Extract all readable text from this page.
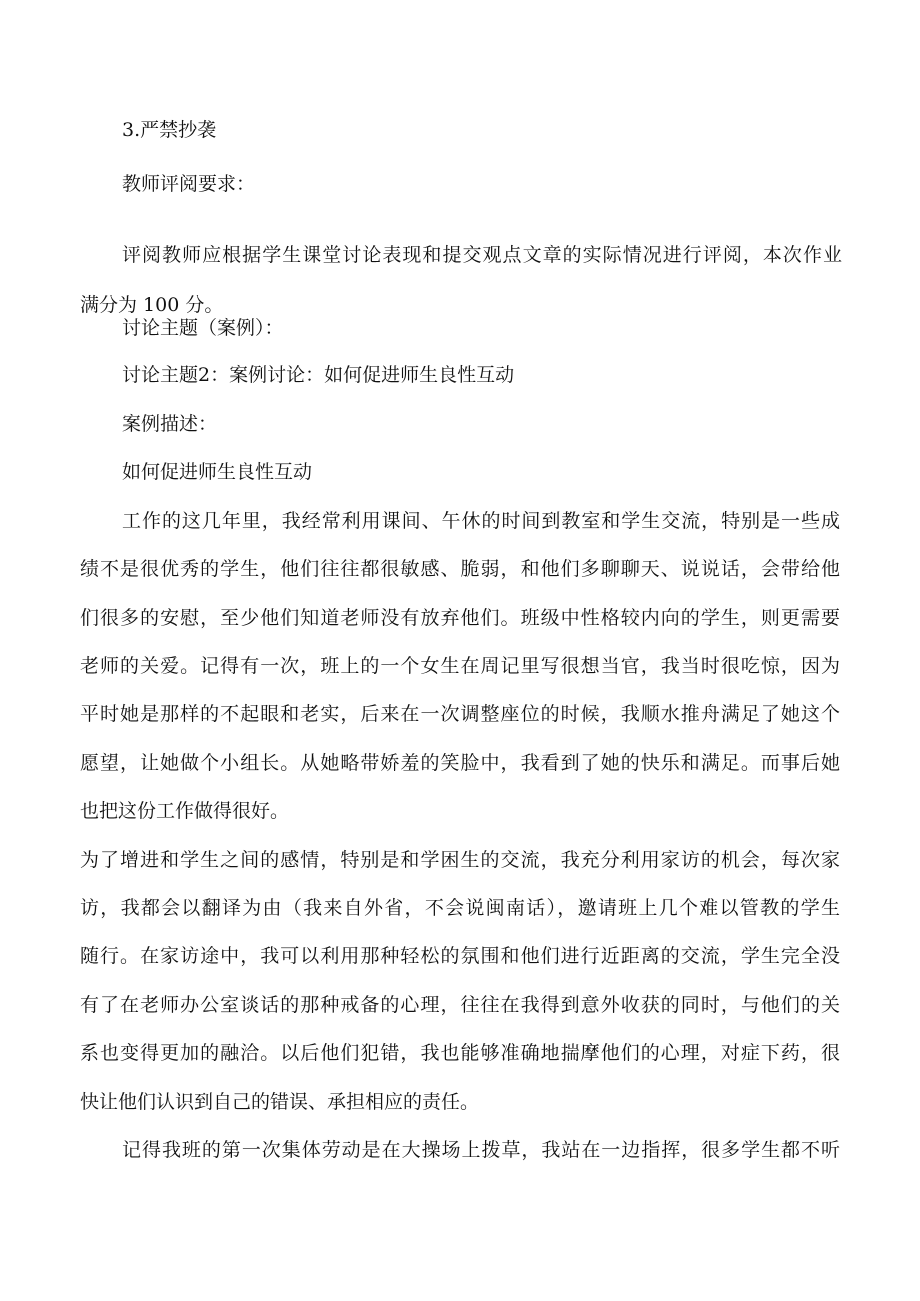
3.严禁抄袭
教师评阅要求：
评阅教师应根据学生课堂讨论表现和提交观点文章的实际情况进行评阅，本次作业
满分为 100 分。
讨论主题（案例）：
讨论主题2：案例讨论：如何促进师生良性互动
案例描述：
如何促进师生良性互动
工作的这几年里，我经常利用课间、午休的时间到教室和学生交流，特别是一些成
绩不是很优秀的学生，他们往往都很敏感、脆弱，和他们多聊聊天、说说话，会带给他
们很多的安慰，至少他们知道老师没有放弃他们。班级中性格较内向的学生，则更需要
老师的关爱。记得有一次，班上的一个女生在周记里写很想当官，我当时很吃惊，因为
平时她是那样的不起眼和老实，后来在一次调整座位的时候，我顺水推舟满足了她这个
愿望，让她做个小组长。从她略带娇羞的笑脸中，我看到了她的快乐和满足。而事后她
也把这份工作做得很好。
为了增进和学生之间的感情，特别是和学困生的交流，我充分利用家访的机会，每次家
访，我都会以翻译为由（我来自外省，不会说闽南话），邀请班上几个难以管教的学生
随行。在家访途中，我可以利用那种轻松的氛围和他们进行近距离的交流，学生完全没
有了在老师办公室谈话的那种戒备的心理，往往在我得到意外收获的同时，与他们的关
系也变得更加的融洽。以后他们犯错，我也能够准确地揣摩他们的心理，对症下药，很
快让他们认识到自己的错误、承担相应的责任。
记得我班的第一次集体劳动是在大操场上拨草，我站在一边指挥，很多学生都不听
